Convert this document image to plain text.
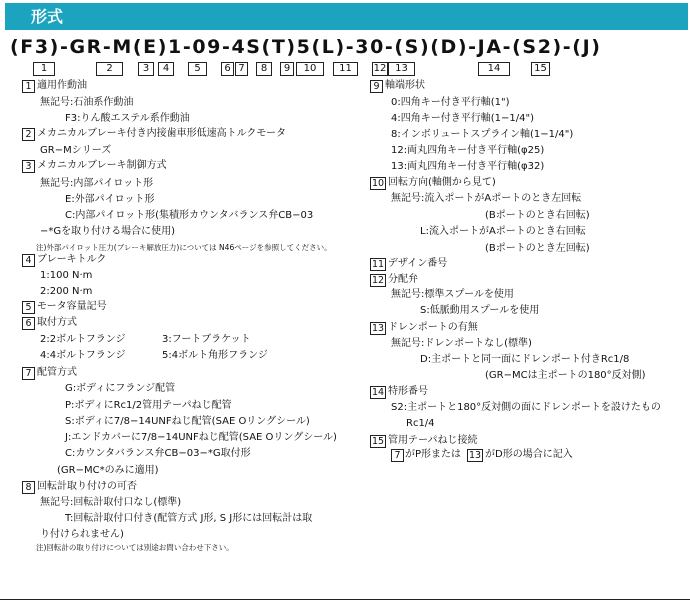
形式
(F3)-GR-M(E)1-09-4S(T)5(L)-30-(S)(D)-JA-(S2)-(J)
1	2	3	4	5	6 7	8	9	10	11	12 13	14	15
1 適用作動油
無記号:石油系作動油
F3:りん酸エステル系作動油
2 メカニカルブレーキ付き内接歯車形低速高トルクモータ
GR−Mシリーズ
3 メカニカルブレーキ制御方式
無記号:内部パイロット形
E:外部パイロット形
C:内部パイロット形(集積形カウンタバランス弁CB−03
−*Gを取り付ける場合に使用)
注)外部パイロット圧力(ブレーキ解放圧力)については N46ページを参照してください。
4 ブレーキトルク
1:100 N·m
2:200 N·m
5 モータ容量記号
6 取付方式
2:2ボルトフランジ	3:フートブラケット
4:4ボルトフランジ	5:4ボルト角形フランジ
7 配管方式
G:ボディにフランジ配管
P:ボディにRc1/2管用テーパねじ配管
S:ボディに7/8−14UNFねじ配管(SAE Oリングシール)
J:エンドカバーに7/8−14UNFねじ配管(SAE Oリングシール)
C:カウンタバランス弁CB−03−*G取付形
(GR−MC*のみに適用)
8 回転計取り付けの可否
無記号:回転計取付口なし(標準)
T:回転計取付口付き(配管方式 J形, S J形には回転計は取
り付けられません)
注)回転計の取り付けについては別途お問い合わせ下さい。
9 軸端形状
0:四角キー付き平行軸(1")
4:四角キー付き平行軸(1−1/4")
8:インボリュートスプライン軸(1−1/4")
12:両丸四角キー付き平行軸(φ25)
13:両丸四角キー付き平行軸(φ32)
10 回転方向(軸側から見て)
無記号:流入ポートがAポートのとき左回転
(Bポートのとき右回転)
L:流入ポートがAポートのとき右回転
(Bポートのとき左回転)
11 デザイン番号
12 分配弁
無記号:標準スプールを使用
S:低脈動用スプールを使用
13 ドレンポートの有無
無記号:ドレンポートなし(標準)
D:主ポートと同一面にドレンポート付きRc1/8
(GR−MCは主ポートの180°反対側)
14 特形番号
S2:主ポートと180°反対側の面にドレンポートを設けたもの
Rc1/4
15 管用テーパねじ接続
7 がP形または 13 がD形の場合に記入
